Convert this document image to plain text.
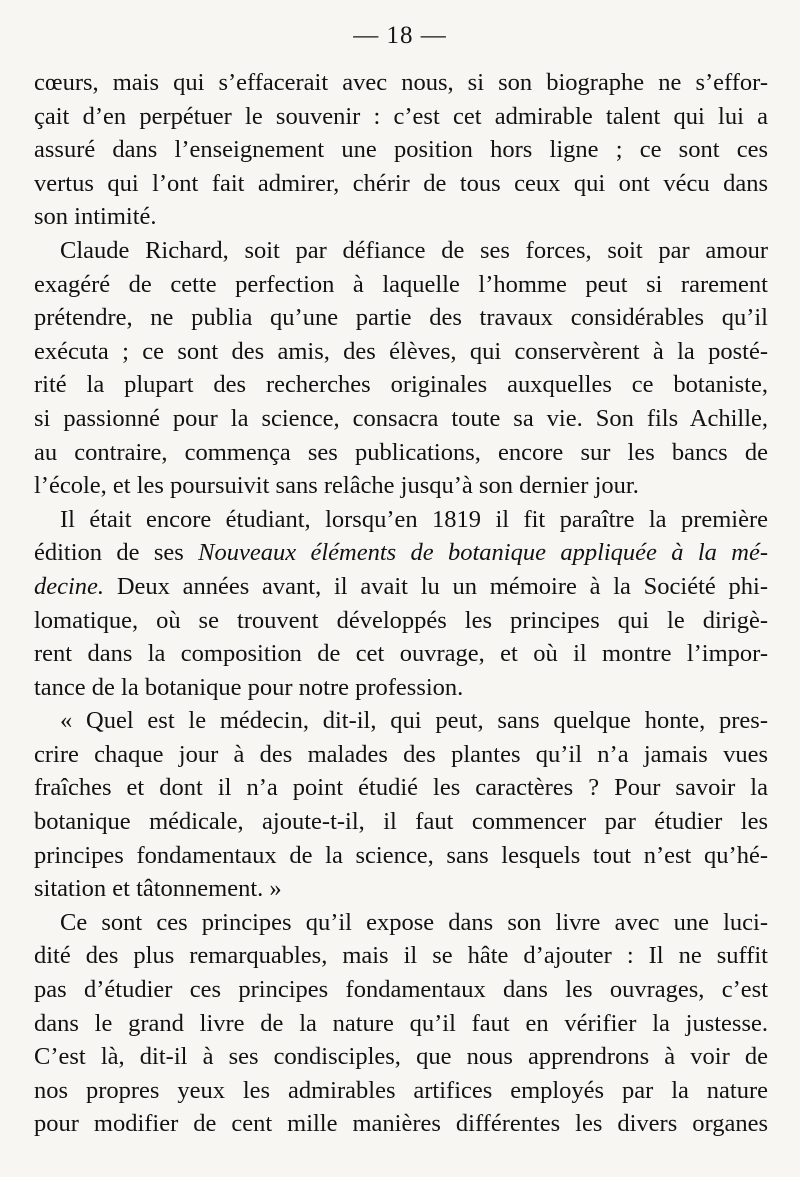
— 18 —
cœurs, mais qui s’effacerait avec nous, si son biographe ne s’effor-
çait d’en perpétuer le souvenir : c’est cet admirable talent qui lui a
assuré dans l’enseignement une position hors ligne ; ce sont ces
vertus qui l’ont fait admirer, chérir de tous ceux qui ont vécu dans
son intimité.
Claude Richard, soit par défiance de ses forces, soit par amour
exagéré de cette perfection à laquelle l’homme peut si rarement
prétendre, ne publia qu’une partie des travaux considérables qu’il
exécuta ; ce sont des amis, des élèves, qui conservèrent à la posté-
rité la plupart des recherches originales auxquelles ce botaniste,
si passionné pour la science, consacra toute sa vie. Son fils Achille,
au contraire, commença ses publications, encore sur les bancs de
l’école, et les poursuivit sans relâche jusqu’à son dernier jour.
Il était encore étudiant, lorsqu’en 1819 il fit paraître la première
édition de ses Nouveaux éléments de botanique appliquée à la mé-
decine. Deux années avant, il avait lu un mémoire à la Société phi-
lomatique, où se trouvent développés les principes qui le dirigè-
rent dans la composition de cet ouvrage, et où il montre l’impor-
tance de la botanique pour notre profession.
« Quel est le médecin, dit-il, qui peut, sans quelque honte, pres-
crire chaque jour à des malades des plantes qu’il n’a jamais vues
fraîches et dont il n’a point étudié les caractères ? Pour savoir la
botanique médicale, ajoute-t-il, il faut commencer par étudier les
principes fondamentaux de la science, sans lesquels tout n’est qu’hé-
sitation et tâtonnement. »
Ce sont ces principes qu’il expose dans son livre avec une luci-
dité des plus remarquables, mais il se hâte d’ajouter : Il ne suffit
pas d’étudier ces principes fondamentaux dans les ouvrages, c’est
dans le grand livre de la nature qu’il faut en vérifier la justesse.
C’est là, dit-il à ses condisciples, que nous apprendrons à voir de
nos propres yeux les admirables artifices employés par la nature
pour modifier de cent mille manières différentes les divers organes
